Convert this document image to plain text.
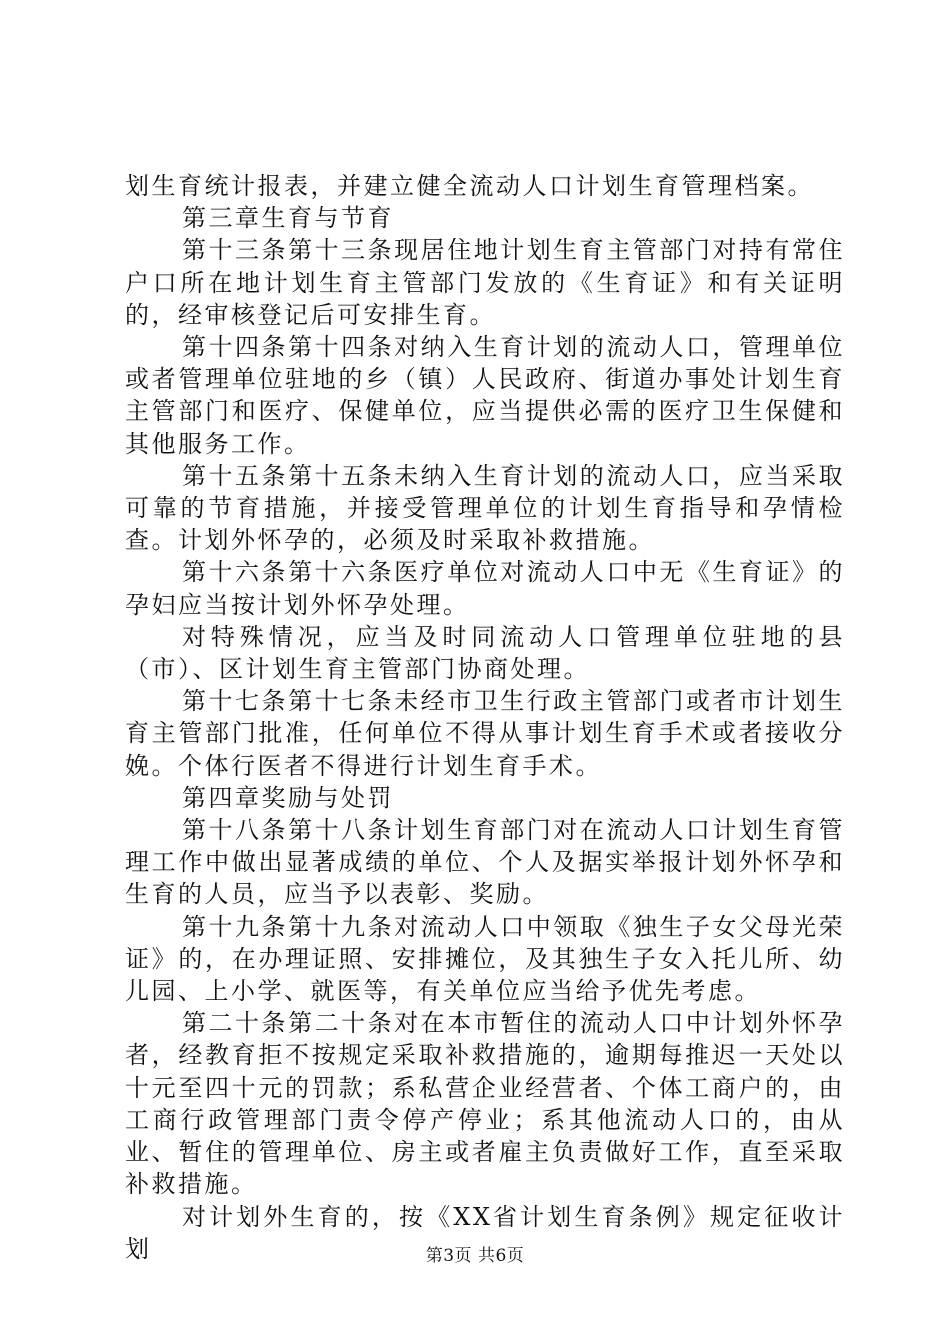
划生育统计报表，并建立健全流动人口计划生育管理档案。

第三章生育与节育

第十三条第十三条现居住地计划生育主管部门对持有常住户口所在地计划生育主管部门发放的《生育证》和有关证明的，经审核登记后可安排生育。

第十四条第十四条对纳入生育计划的流动人口，管理单位或者管理单位驻地的乡（镇）人民政府、街道办事处计划生育主管部门和医疗、保健单位，应当提供必需的医疗卫生保健和其他服务工作。

第十五条第十五条未纳入生育计划的流动人口，应当采取可靠的节育措施，并接受管理单位的计划生育指导和孕情检查。计划外怀孕的，必须及时采取补救措施。

第十六条第十六条医疗单位对流动人口中无《生育证》的孕妇应当按计划外怀孕处理。

对特殊情况，应当及时同流动人口管理单位驻地的县（市）、区计划生育主管部门协商处理。

第十七条第十七条未经市卫生行政主管部门或者市计划生育主管部门批准，任何单位不得从事计划生育手术或者接收分娩。个体行医者不得进行计划生育手术。

第四章奖励与处罚

第十八条第十八条计划生育部门对在流动人口计划生育管理工作中做出显著成绩的单位、个人及据实举报计划外怀孕和生育的人员，应当予以表彰、奖励。

第十九条第十九条对流动人口中领取《独生子女父母光荣证》的，在办理证照、安排摊位，及其独生子女入托儿所、幼儿园、上小学、就医等，有关单位应当给予优先考虑。

第二十条第二十条对在本市暂住的流动人口中计划外怀孕者，经教育拒不按规定采取补救措施的，逾期每推迟一天处以十元至四十元的罚款；系私营企业经营者、个体工商户的，由工商行政管理部门责令停产停业；系其他流动人口的，由从业、暂住的管理单位、房主或者雇主负责做好工作，直至采取补救措施。

对计划外生育的，按《XX省计划生育条例》规定征收计划	第3页 共6页
